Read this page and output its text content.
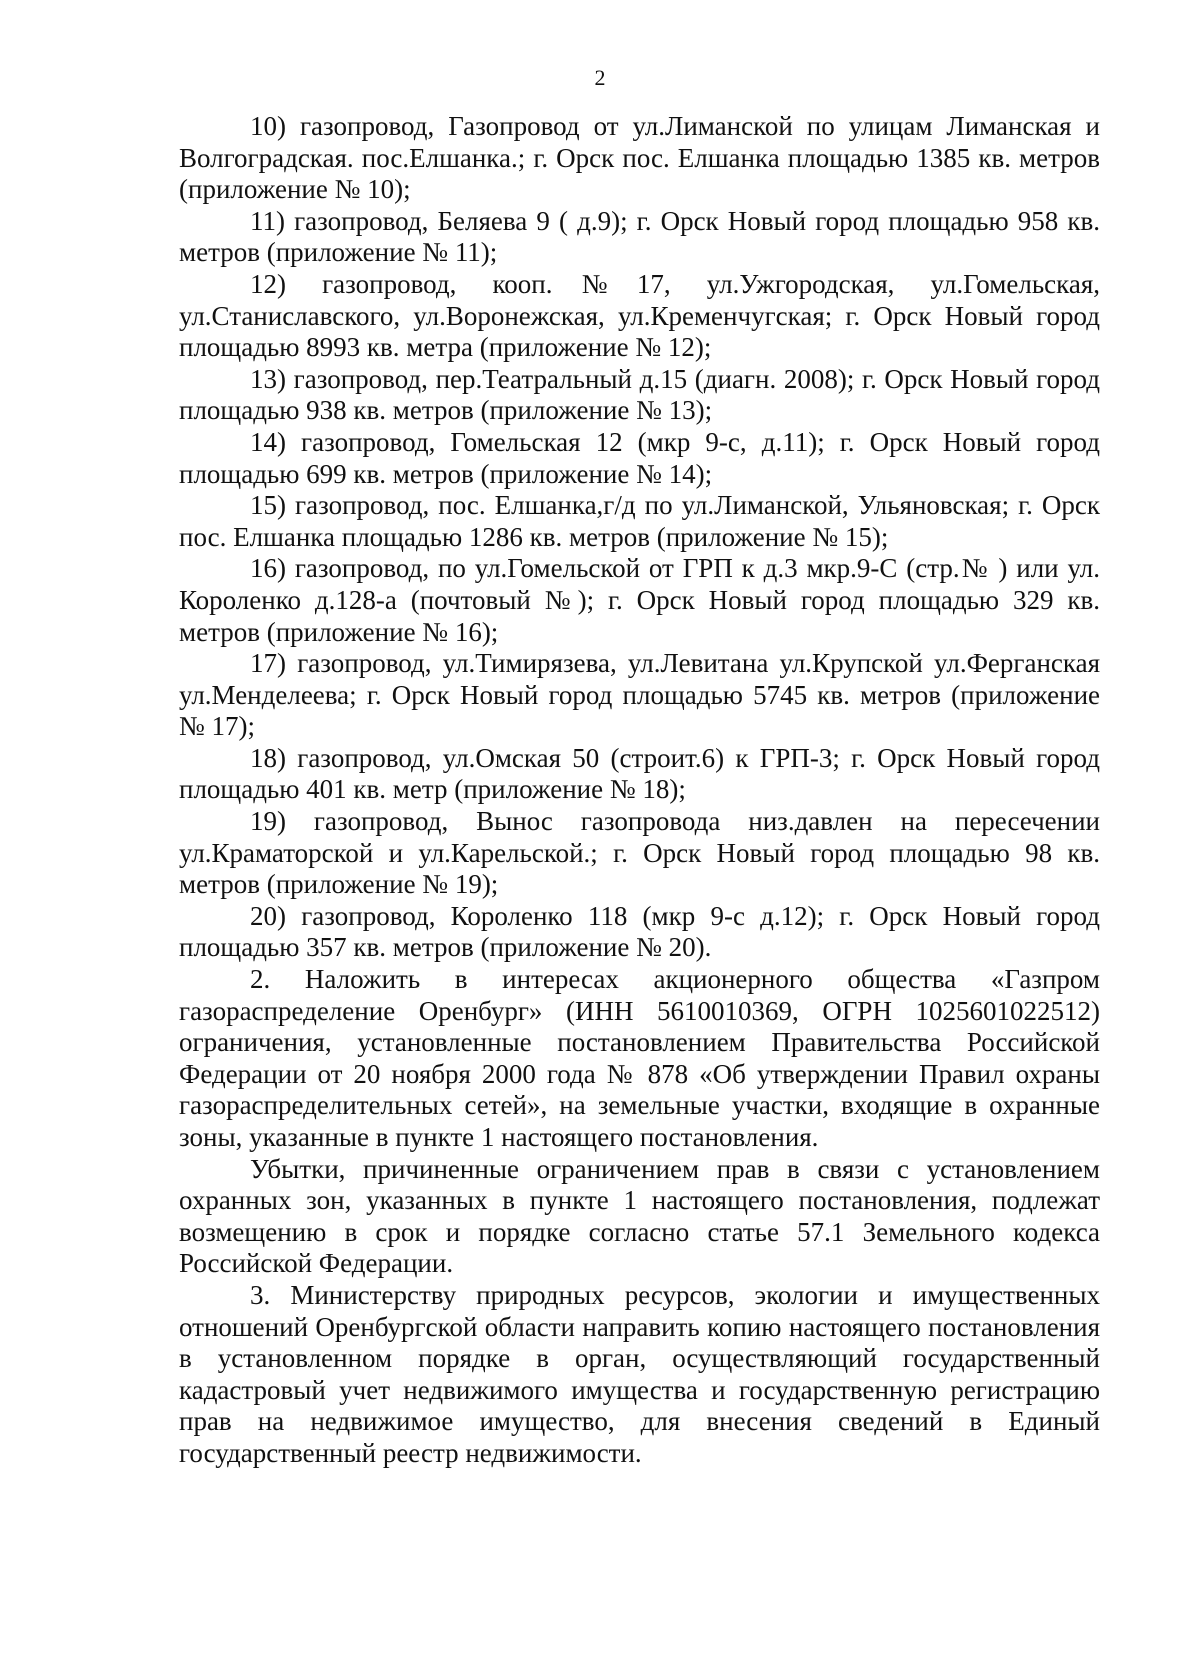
2

10) газопровод, Газопровод от ул.Лиманской по улицам Лиманская и Волгоградская. пос.Елшанка.; г. Орск пос. Елшанка площадью 1385 кв. метров (приложение № 10);

11) газопровод, Беляева 9 ( д.9); г. Орск Новый город площадью 958 кв. метров (приложение № 11);

12) газопровод, кооп.№17, ул.Ужгородская, ул.Гомельская, ул.Станиславского, ул.Воронежская, ул.Кременчугская; г. Орск Новый город площадью 8993 кв. метра (приложение № 12);

13) газопровод, пер.Театральный д.15 (диагн. 2008); г. Орск Новый город площадью 938 кв. метров (приложение № 13);

14) газопровод, Гомельская 12 (мкр 9-с, д.11); г. Орск Новый город площадью 699 кв. метров (приложение № 14);

15) газопровод, пос. Елшанка,г/д по ул.Лиманской, Ульяновская; г. Орск пос. Елшанка площадью 1286 кв. метров (приложение № 15);

16) газопровод, по ул.Гомельской от ГРП к д.3 мкр.9-С (стр.№ ) или ул. Короленко д.128-а (почтовый №); г. Орск Новый город площадью 329 кв. метров (приложение № 16);

17) газопровод, ул.Тимирязева, ул.Левитана ул.Крупской ул.Ферганская ул.Менделеева; г. Орск Новый город площадью 5745 кв. метров (приложение № 17);

18) газопровод, ул.Омская 50 (строит.6) к ГРП-3; г. Орск Новый город площадью 401 кв. метр (приложение № 18);

19) газопровод, Вынос газопровода низ.давлен на пересечении ул.Краматорской и ул.Карельской.; г. Орск Новый город площадью 98 кв. метров (приложение № 19);

20) газопровод, Короленко 118 (мкр 9-с д.12); г. Орск Новый город площадью 357 кв. метров (приложение № 20).

2. Наложить в интересах акционерного общества «Газпром газораспределение Оренбург» (ИНН 5610010369, ОГРН 1025601022512) ограничения, установленные постановлением Правительства Российской Федерации от 20 ноября 2000 года № 878 «Об утверждении Правил охраны газораспределительных сетей», на земельные участки, входящие в охранные зоны, указанные в пункте 1 настоящего постановления.

Убытки, причиненные ограничением прав в связи с установлением охранных зон, указанных в пункте 1 настоящего постановления, подлежат возмещению в срок и порядке согласно статье 57.1 Земельного кодекса Российской Федерации.

3. Министерству природных ресурсов, экологии и имущественных отношений Оренбургской области направить копию настоящего постановления в установленном порядке в орган, осуществляющий государственный кадастровый учет недвижимого имущества и государственную регистрацию прав на недвижимое имущество, для внесения сведений в Единый государственный реестр недвижимости.
